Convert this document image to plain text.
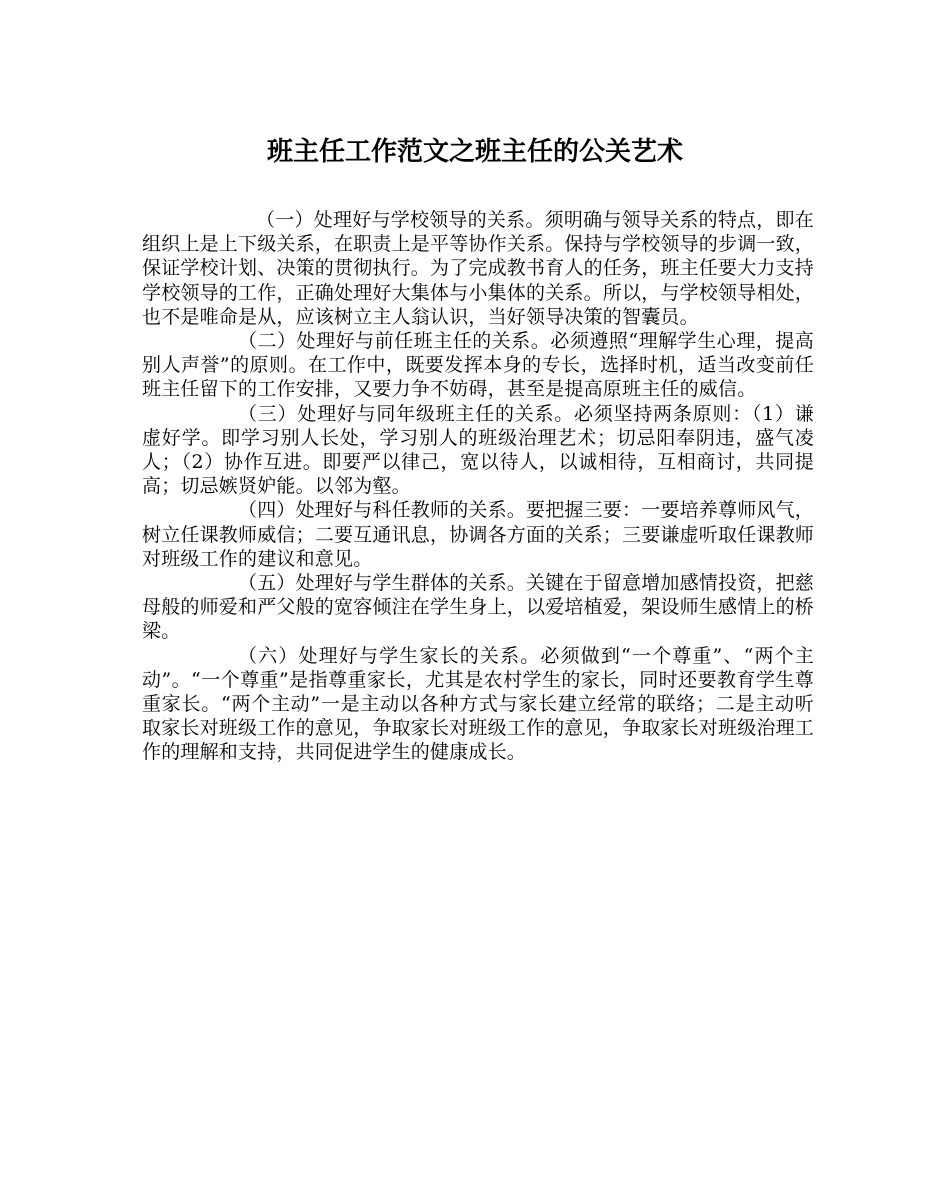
班主任工作范文之班主任的公关艺术

（一）处理好与学校领导的关系。须明确与领导关系的特点，即在组织上是上下级关系，在职责上是平等协作关系。保持与学校领导的步调一致，保证学校计划、决策的贯彻执行。为了完成教书育人的任务，班主任要大力支持学校领导的工作，正确处理好大集体与小集体的关系。所以，与学校领导相处，也不是唯命是从，应该树立主人翁认识，当好领导决策的智囊员。

（二）处理好与前任班主任的关系。必须遵照“理解学生心理，提高别人声誉”的原则。在工作中，既要发挥本身的专长，选择时机，适当改变前任班主任留下的工作安排，又要力争不妨碍，甚至是提高原班主任的威信。

（三）处理好与同年级班主任的关系。必须坚持两条原则：（1）谦虚好学。即学习别人长处，学习别人的班级治理艺术；切忌阳奉阴违，盛气凌人；（2）协作互进。即要严以律己，宽以待人，以诚相待，互相商讨，共同提高；切忌嫉贤妒能。以邻为壑。

（四）处理好与科任教师的关系。要把握三要：一要培养尊师风气，树立任课教师威信；二要互通讯息，协调各方面的关系；三要谦虚听取任课教师对班级工作的建议和意见。

（五）处理好与学生群体的关系。关键在于留意增加感情投资，把慈母般的师爱和严父般的宽容倾注在学生身上，以爱培植爱，架设师生感情上的桥梁。

（六）处理好与学生家长的关系。必须做到“一个尊重”、“两个主动”。“一个尊重”是指尊重家长，尤其是农村学生的家长，同时还要教育学生尊重家长。“两个主动”一是主动以各种方式与家长建立经常的联络；二是主动听取家长对班级工作的意见，争取家长对班级工作的意见，争取家长对班级治理工作的理解和支持，共同促进学生的健康成长。
